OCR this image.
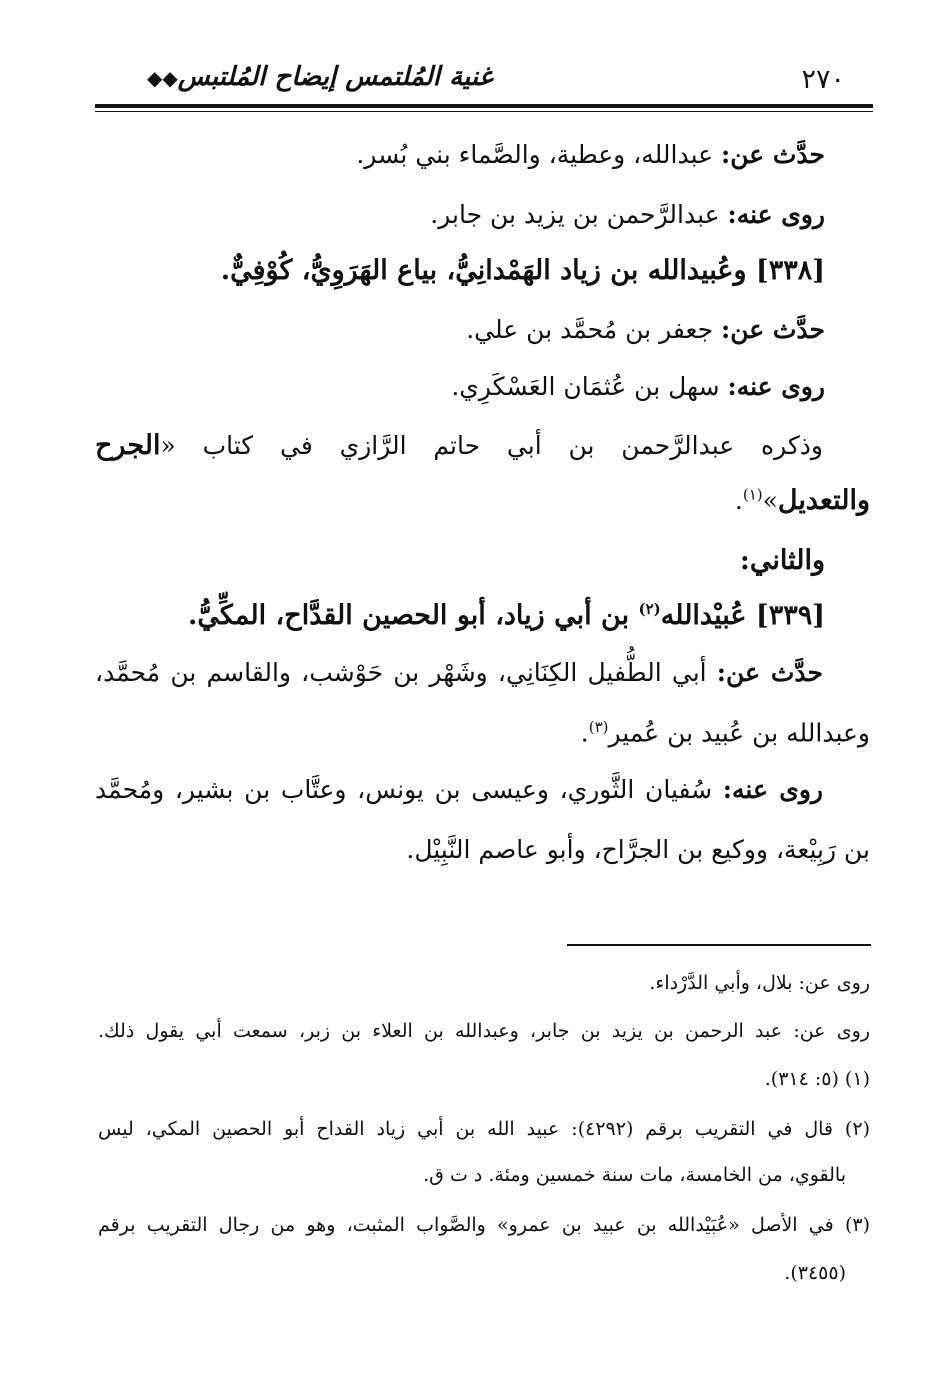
٢٧٠
غنية المُلتمس إيضاح المُلتبس◆◆
حدَّث عن: عبدالله، وعطية، والصَّماء بني بُسر.
روى عنه: عبدالرَّحمن بن يزيد بن جابر.
[٣٣٨] وعُبيدالله بن زياد الهَمْدانِيُّ، بياع الهَرَوِيُّ، كُوْفِيٌّ.
حدَّث عن: جعفر بن مُحمَّد بن علي.
روى عنه: سهل بن عُثمَان العَسْكَرِي.
وذكره عبدالرَّحمن بن أبي حاتم الرَّازي في كتاب «الجرح
والتعديل»$^{(١)}$.
والثاني:
[٣٣٩] عُبيْدالله$^{(٢)}$ بن أبي زياد، أبو الحصين القدَّاح، المكِّيُّ.
حدَّث عن: أبي الطُّفيل الكِنَانِي، وشَهْر بن حَوْشب، والقاسم بن مُحمَّد،
وعبدالله بن عُبيد بن عُمير$^{(٣)}$.
روى عنه: سُفيان الثَّوري، وعيسى بن يونس، وعتَّاب بن بشير، ومُحمَّد
بن رَبِيْعة، ووكيع بن الجرَّاح، وأبو عاصم النَّبِيْل.
روى عن: بلال، وأبي الدَّرْداء.
روى عن: عبد الرحمن بن يزيد بن جابر، وعبدالله بن العلاء بن زبر، سمعت أبي يقول ذلك.
(١) (٥: ٣١٤).
(٢) قال في التقريب برقم (٤٢٩٢): عبيد الله بن أبي زياد القداح أبو الحصين المكي، ليس
بالقوي، من الخامسة، مات سنة خمسين ومئة. د ت ق.
(٣) في الأصل «عُبَيْدالله بن عبيد بن عمرو» والصَّواب المثبت، وهو من رجال التقريب برقم
(٣٤٥٥).
